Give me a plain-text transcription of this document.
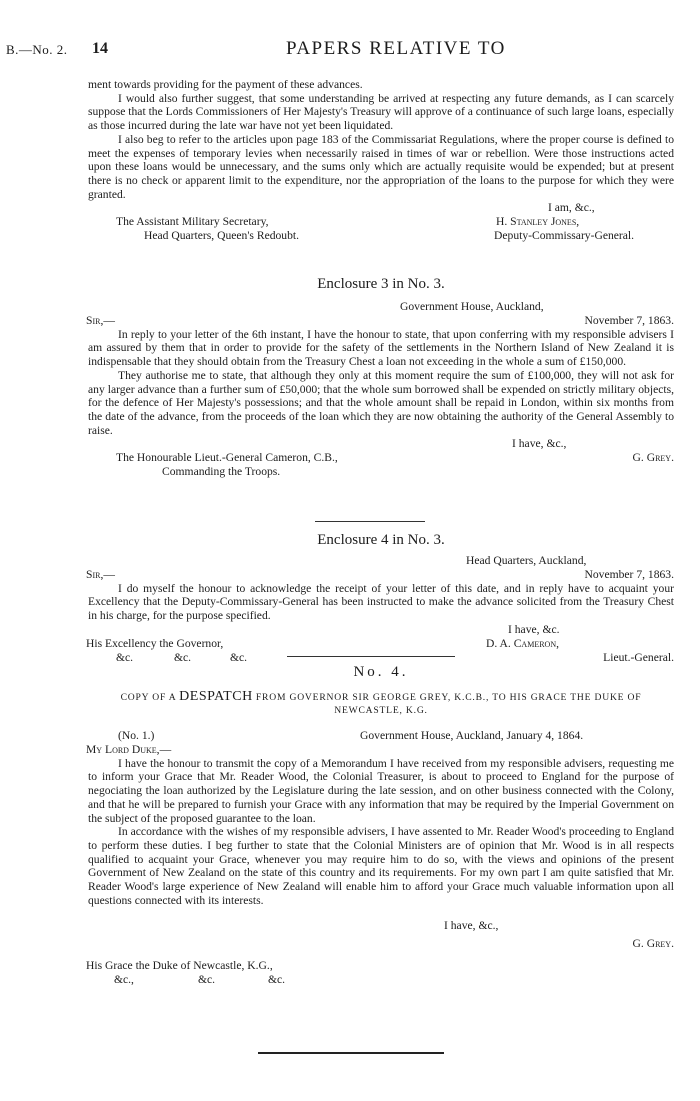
B.—No. 2. 14	PAPERS RELATIVE TO

ment towards providing for the payment of these advances.

I would also further suggest, that some understanding be arrived at respecting any future demands, as I can scarcely suppose that the Lords Commissioners of Her Majesty's Treasury will approve of a continuance of such large loans, especially as those incurred during the late war have not yet been liquidated.

I also beg to refer to the articles upon page 183 of the Commissariat Regulations, where the proper course is defined to meet the expenses of temporary levies when necessarily raised in times of war or rebellion. Were those instructions acted upon these loans would be unnecessary, and the sums only which are actually requisite would be expended; but at present there is no check or apparent limit to the expenditure, nor the appropriation of the loans to the purpose for which they were granted.

I am, &c.,
The Assistant Military Secretary,	H. Stanley Jones,
Head Quarters, Queen's Redoubt.	Deputy-Commissary-General.
Enclosure 3 in No. 3.
Government House, Auckland,
Sir,—	November 7, 1863.

In reply to your letter of the 6th instant, I have the honour to state, that upon conferring with my responsible advisers I am assured by them that in order to provide for the safety of the settlements in the Northern Island of New Zealand it is indispensable that they should obtain from the Treasury Chest a loan not exceeding in the whole a sum of £150,000.

They authorise me to state, that although they only at this moment require the sum of £100,000, they will not ask for any larger advance than a further sum of £50,000; that the whole sum borrowed shall be expended on strictly military objects, for the defence of Her Majesty's possessions; and that the whole amount shall be repaid in London, within six months from the date of the advance, from the proceeds of the loan which they are now obtaining the authority of the General Assembly to raise.

I have, &c.,
The Honourable Lieut.-General Cameron, C.B.,	G. Grey.
Commanding the Troops.
Enclosure 4 in No. 3.
Head Quarters, Auckland,
Sir,—	November 7, 1863.

I do myself the honour to acknowledge the receipt of your letter of this date, and in reply have to acquaint your Excellency that the Deputy-Commissary-General has been instructed to make the advance solicited from the Treasury Chest in his charge, for the purpose specified.

I have, &c.
His Excellency the Governor,	D. A. Cameron,
&c.	&c.	&c.	Lieut.-General.
No. 4.
COPY OF A DESPATCH FROM GOVERNOR SIR GEORGE GREY, K.C.B., TO HIS GRACE THE DUKE OF
NEWCASTLE, K.G.
(No. 1.)	Government House, Auckland, January 4, 1864.
My Lord Duke,—

I have the honour to transmit the copy of a Memorandum I have received from my responsible advisers, requesting me to inform your Grace that Mr. Reader Wood, the Colonial Treasurer, is about to proceed to England for the purpose of negociating the loan authorized by the Legislature during the late session, and on other business connected with the Colony, and that he will be prepared to furnish your Grace with any information that may be required by the Imperial Government on the subject of the proposed guarantee to the loan.

In accordance with the wishes of my responsible advisers, I have assented to Mr. Reader Wood's proceeding to England to perform these duties. I beg further to state that the Colonial Ministers are of opinion that Mr. Wood is in all respects qualified to acquaint your Grace, whenever you may require him to do so, with the views and opinions of the present Government of New Zealand on the state of this country and its requirements. For my own part I am quite satisfied that Mr. Reader Wood's large experience of New Zealand will enable him to afford your Grace much valuable information upon all questions connected with its interests.

I have, &c.,
G. Grey.
His Grace the Duke of Newcastle, K.G.,
&c.,	&c.	&c.
